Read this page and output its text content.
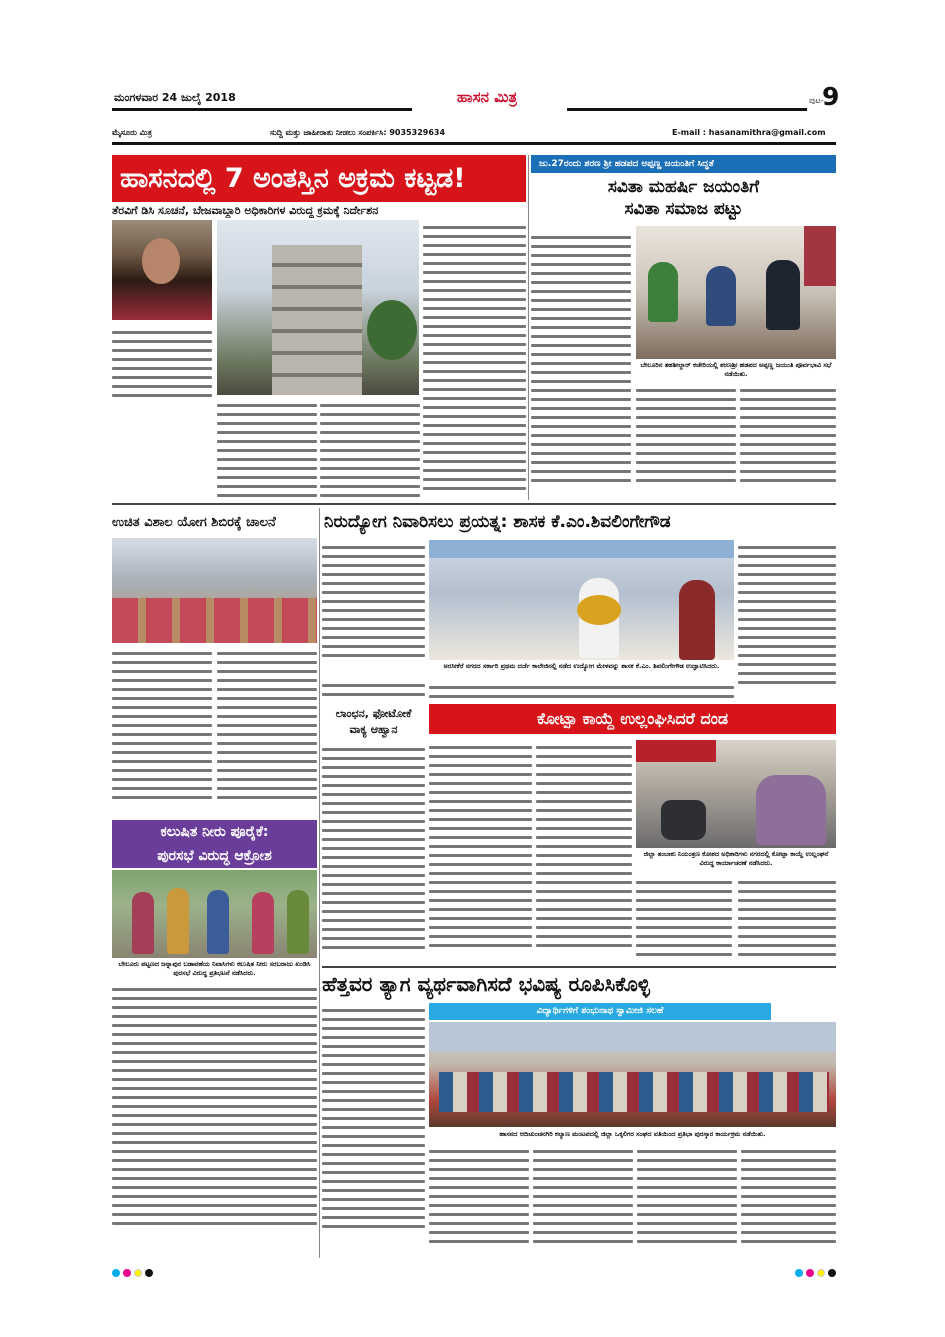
ಮಂಗಳವಾರ 24 ಜುಲೈ 2018	ಹಾಸನ ಮಿತ್ರ	ಪುಟ-
9
ಮೈಸೂರು ಮಿತ್ರ	ಸುದ್ದಿ ಮತ್ತು ಜಾಹೀರಾತು ನೀಡಲು ಸಂಪರ್ಕಿಸಿ: 9035329634	E-mail : hasanamithra@gmail.com
ಹಾಸನದಲ್ಲಿ 7 ಅಂತಸ್ತಿನ ಅಕ್ರಮ ಕಟ್ಟಡ!
ತೆರವಿಗೆ ಡಿಸಿ ಸೂಚನೆ, ಬೇಜವಾಬ್ದಾರಿ ಅಧಿಕಾರಿಗಳ ವಿರುದ್ಧ ಕ್ರಮಕ್ಕೆ ನಿರ್ದೇಶನ
ಜು.27ರಂದು ಶರಣ ಶ್ರೀ ಹಡಪದ ಅಪ್ಪಣ್ಣ ಜಯಂತಿಗೆ ಸಿದ್ಧತೆ
ಸವಿತಾ ಮಹರ್ಷಿ ಜಯಂತಿಗೆ
ಸವಿತಾ ಸಮಾಜ ಪಟ್ಟು
ಬೇಲೂರಿನ ತಹಶೀಲ್ದಾರ್ ಕಚೇರಿಯಲ್ಲಿ ಶರಣಶ್ರೀ ಹಡಪದ ಅಪ್ಪಣ್ಣ ಜಯಂತಿ ಪೂರ್ವಭಾವಿ ಸಭೆ ನಡೆಯಿತು.
ಉಚಿತ ವಿಶಾಲ ಯೋಗ ಶಿಬಿರಕ್ಕೆ ಚಾಲನೆ	ನಿರುದ್ಯೋಗ ನಿವಾರಿಸಲು ಪ್ರಯತ್ನ: ಶಾಸಕ ಕೆ.ಎಂ.ಶಿವಲಿಂಗೇಗೌಡ
ಅರಸೀಕೆರೆ ನಗರದ ಸರ್ಕಾರಿ ಪ್ರಥಮ ದರ್ಜೆ ಕಾಲೇಜಿನಲ್ಲಿ ನಡೆದ ಉದ್ಯೋಗ ಮೇಳವನ್ನು ಶಾಸಕ ಕೆ.ಎಂ. ಶಿವಲಿಂಗೇಗೌಡ ಉದ್ಘಾಟಿಸಿದರು.
ಲಾಂಛನ, ಫೋಟೋಕೆ
ವಾಕ್ಯ ಆಹ್ವಾನ
ಕೋಟ್ಪಾ ಕಾಯ್ದೆ ಉಲ್ಲಂಘಿಸಿದರೆ ದಂಡ
ಜಿಲ್ಲಾ ತಂಬಾಕು ನಿಯಂತ್ರಣ ಕೋಶದ ಅಧಿಕಾರಿಗಳು ನಗರದಲ್ಲಿ ಕೋಟ್ಪಾ ಕಾಯ್ದೆ ಉಲ್ಲಂಘನೆ ವಿರುದ್ಧ ಕಾರ್ಯಾಚರಣೆ ನಡೆಸಿದರು.
ಕಲುಷಿತ ನೀರು ಪೂರೈಕೆ:
ಪುರಸಭೆ ವಿರುದ್ಧ ಆಕ್ರೋಶ
ಬೇಲೂರು ಪಟ್ಟಣದ ಜನ್ನಾಪುರ ಬಡಾವಣೆಯ ನಿವಾಸಿಗಳು ಕಲುಷಿತ ನೀರು ಸರಬರಾಜು ಖಂಡಿಸಿ ಪುರಸಭೆ ವಿರುದ್ಧ ಪ್ರತಿಭಟನೆ ನಡೆಸಿದರು.	ಹೆತ್ತವರ ತ್ಯಾಗ ವ್ಯರ್ಥವಾಗಿಸದೆ ಭವಿಷ್ಯ ರೂಪಿಸಿಕೊಳ್ಳಿ
ವಿದ್ಯಾರ್ಥಿಗಳಿಗೆ ಶಂಭುನಾಥ ಸ್ವಾಮೀಜಿ ಸಲಹೆ
ಹಾಸನದ ಆದಿಚುಂಚನಗಿರಿ ಕಲ್ಯಾಣ ಮಂಟಪದಲ್ಲಿ ಜಿಲ್ಲಾ ಒಕ್ಕಲಿಗರ ಸಂಘದ ವತಿಯಿಂದ ಪ್ರತಿಭಾ ಪುರಸ್ಕಾರ ಕಾರ್ಯಕ್ರಮ ನಡೆಯಿತು.
